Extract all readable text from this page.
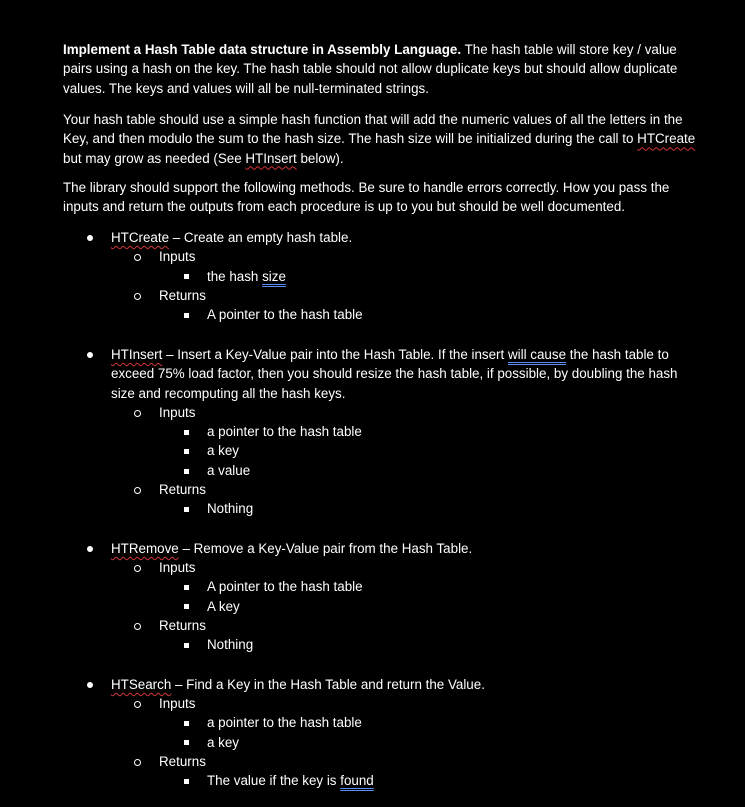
Implement a Hash Table data structure in Assembly Language. The hash table will store key / value pairs using a hash on the key. The hash table should not allow duplicate keys but should allow duplicate values. The keys and values will all be null-terminated strings.

Your hash table should use a simple hash function that will add the numeric values of all the letters in the Key, and then modulo the sum to the hash size. The hash size will be initialized during the call to HTCreate but may grow as needed (See HTInsert below).

The library should support the following methods. Be sure to handle errors correctly. How you pass the inputs and return the outputs from each procedure is up to you but should be well documented.

HTCreate – Create an empty hash table.
Inputs
the hash size
Returns
A pointer to the hash table
HTInsert – Insert a Key-Value pair into the Hash Table. If the insert will cause the hash table to exceed 75% load factor, then you should resize the hash table, if possible, by doubling the hash size and recomputing all the hash keys.
Inputs
a pointer to the hash table
a key
a value
Returns
Nothing
HTRemove – Remove a Key-Value pair from the Hash Table.
Inputs
A pointer to the hash table
A key
Returns
Nothing
HTSearch – Find a Key in the Hash Table and return the Value.
Inputs
a pointer to the hash table
a key
Returns
The value if the key is found
